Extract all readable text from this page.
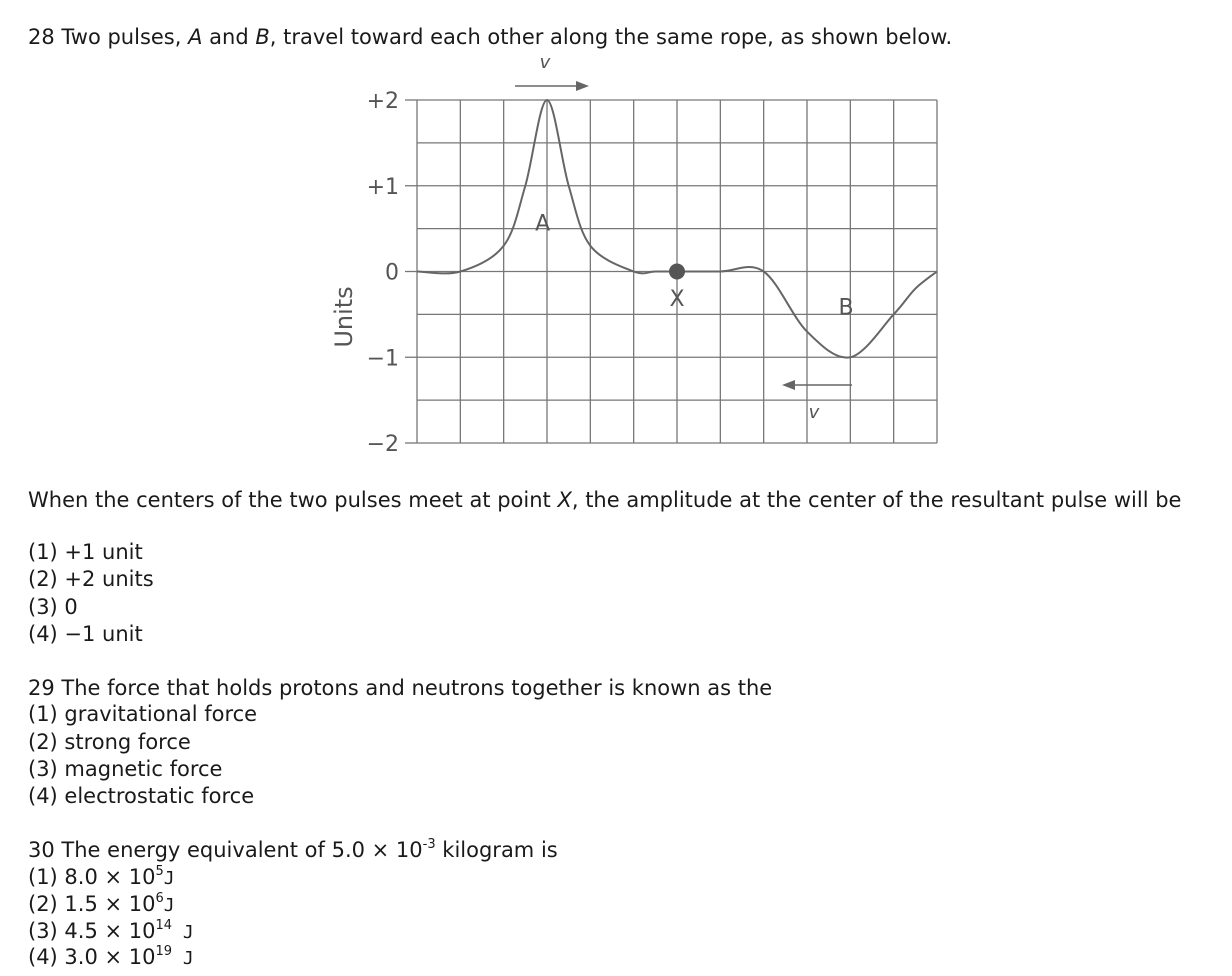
28 Two pulses, A and B, travel toward each other along the same rope, as shown below.
+2
+1
0
−1
−2
Units
A
B
X
v
v
When the centers of the two pulses meet at point X, the amplitude at the center of the resultant pulse will be
(1) +1 unit
(2) +2 units
(3) 0
(4) −1 unit
29 The force that holds protons and neutrons together is known as the
(1) gravitational force
(2) strong force
(3) magnetic force
(4) electrostatic force
30 The energy equivalent of $5.0 \times 10^{-3}$ kilogram is
(1) $8.0 \times 10^5J$
(2) $1.5 \times 10^6J$
(3) $4.5 \times 10^{14}$ J
(4) $3.0 \times 10^{19}$ J
